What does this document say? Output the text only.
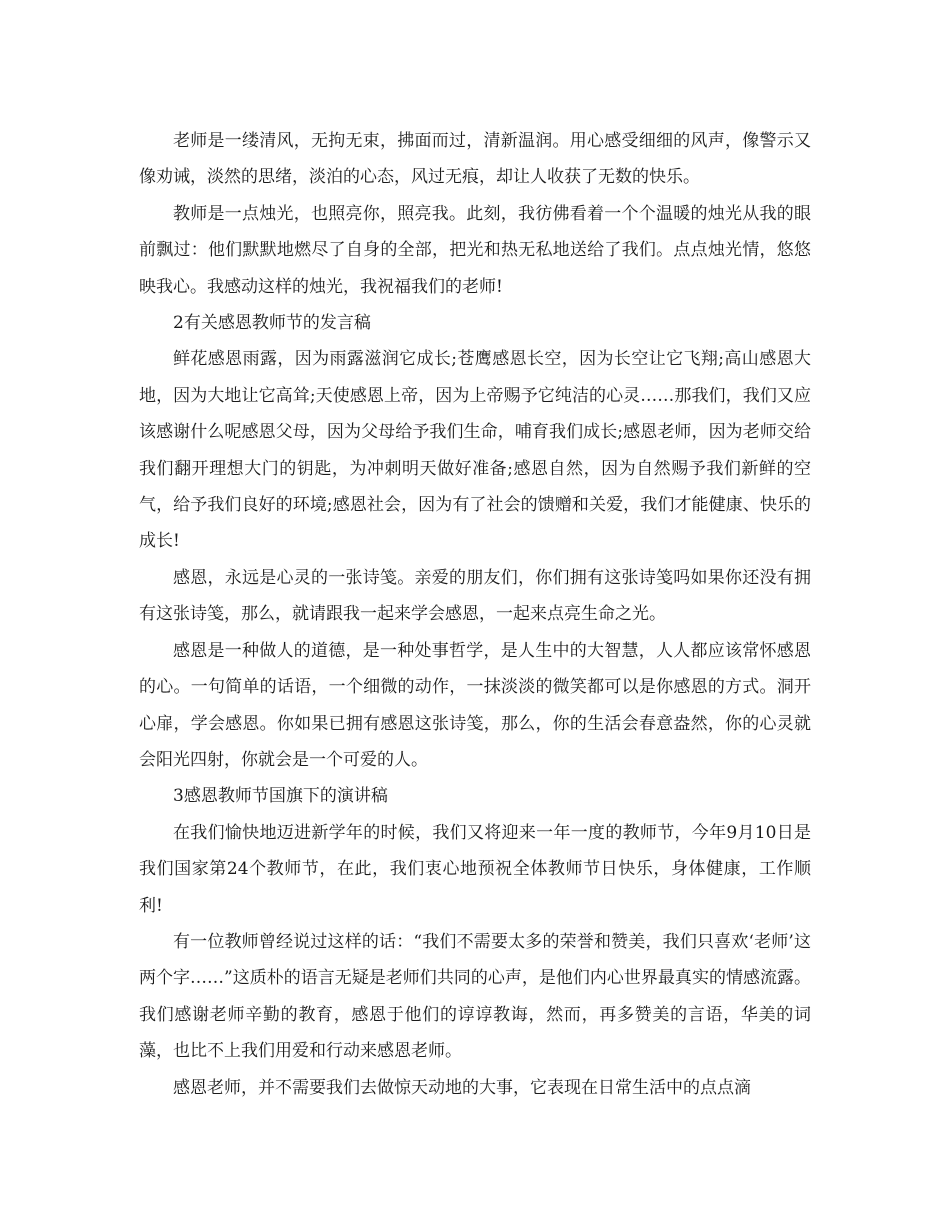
老师是一缕清风，无拘无束，拂面而过，清新温润。用心感受细细的风声，像警示又像劝诫，淡然的思绪，淡泊的心态，风过无痕，却让人收获了无数的快乐。

教师是一点烛光，也照亮你，照亮我。此刻，我彷佛看着一个个温暖的烛光从我的眼前飘过：他们默默地燃尽了自身的全部，把光和热无私地送给了我们。点点烛光情，悠悠映我心。我感动这样的烛光，我祝福我们的老师!

2有关感恩教师节的发言稿

鲜花感恩雨露，因为雨露滋润它成长;苍鹰感恩长空，因为长空让它飞翔;高山感恩大地，因为大地让它高耸;天使感恩上帝，因为上帝赐予它纯洁的心灵……那我们，我们又应该感谢什么呢感恩父母，因为父母给予我们生命，哺育我们成长;感恩老师，因为老师交给我们翻开理想大门的钥匙，为冲刺明天做好准备;感恩自然，因为自然赐予我们新鲜的空气，给予我们良好的环境;感恩社会，因为有了社会的馈赠和关爱，我们才能健康、快乐的成长!

感恩，永远是心灵的一张诗笺。亲爱的朋友们，你们拥有这张诗笺吗如果你还没有拥有这张诗笺，那么，就请跟我一起来学会感恩，一起来点亮生命之光。

感恩是一种做人的道德，是一种处事哲学，是人生中的大智慧，人人都应该常怀感恩的心。一句简单的话语，一个细微的动作，一抹淡淡的微笑都可以是你感恩的方式。洞开心扉，学会感恩。你如果已拥有感恩这张诗笺，那么，你的生活会春意盎然，你的心灵就会阳光四射，你就会是一个可爱的人。

3感恩教师节国旗下的演讲稿

在我们愉快地迈进新学年的时候，我们又将迎来一年一度的教师节，今年9月10日是我们国家第24个教师节，在此，我们衷心地预祝全体教师节日快乐，身体健康，工作顺利!

有一位教师曾经说过这样的话：“我们不需要太多的荣誉和赞美，我们只喜欢‘老师’这两个字……”这质朴的语言无疑是老师们共同的心声，是他们内心世界最真实的情感流露。我们感谢老师辛勤的教育，感恩于他们的谆谆教诲，然而，再多赞美的言语，华美的词藻，也比不上我们用爱和行动来感恩老师。

感恩老师，并不需要我们去做惊天动地的大事，它表现在日常生活中的点点滴
